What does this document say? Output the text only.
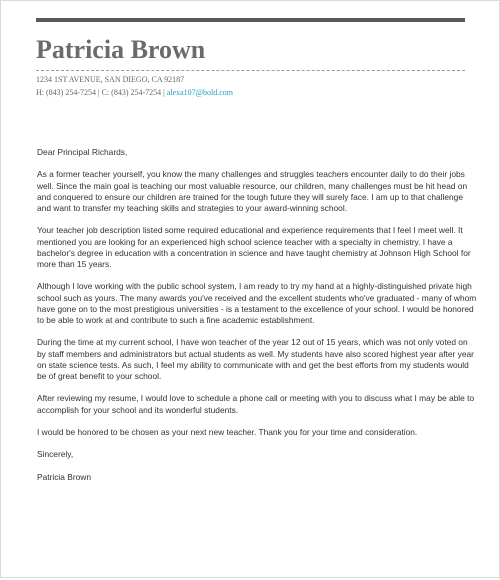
Patricia Brown
1234 1ST AVENUE, SAN DIEGO, CA 92187
H: (843) 254-7254 | C: (843) 254-7254 | alexa107@bold.com

Dear Principal Richards,

As a former teacher yourself, you know the many challenges and struggles teachers encounter daily to do their jobs well. Since the main goal is teaching our most valuable resource, our children, many challenges must be hit head on and conquered to ensure our children are trained for the tough future they will surely face. I am up to that challenge and want to transfer my teaching skills and strategies to your award-winning school.

Your teacher job description listed some required educational and experience requirements that I feel I meet well. It mentioned you are looking for an experienced high school science teacher with a specialty in chemistry. I have a bachelor's degree in education with a concentration in science and have taught chemistry at Johnson High School for more than 15 years.

Although I love working with the public school system, I am ready to try my hand at a highly-distinguished private high school such as yours. The many awards you've received and the excellent students who've graduated - many of whom have gone on to the most prestigious universities - is a testament to the excellence of your school. I would be honored to be able to work at and contribute to such a fine academic establishment.

During the time at my current school, I have won teacher of the year 12 out of 15 years, which was not only voted on by staff members and administrators but actual students as well. My students have also scored highest year after year on state science tests. As such, I feel my ability to communicate with and get the best efforts from my students would be of great benefit to your school.

After reviewing my resume, I would love to schedule a phone call or meeting with you to discuss what I may be able to accomplish for your school and its wonderful students.

I would be honored to be chosen as your next new teacher. Thank you for your time and consideration.

Sincerely,

Patricia Brown
